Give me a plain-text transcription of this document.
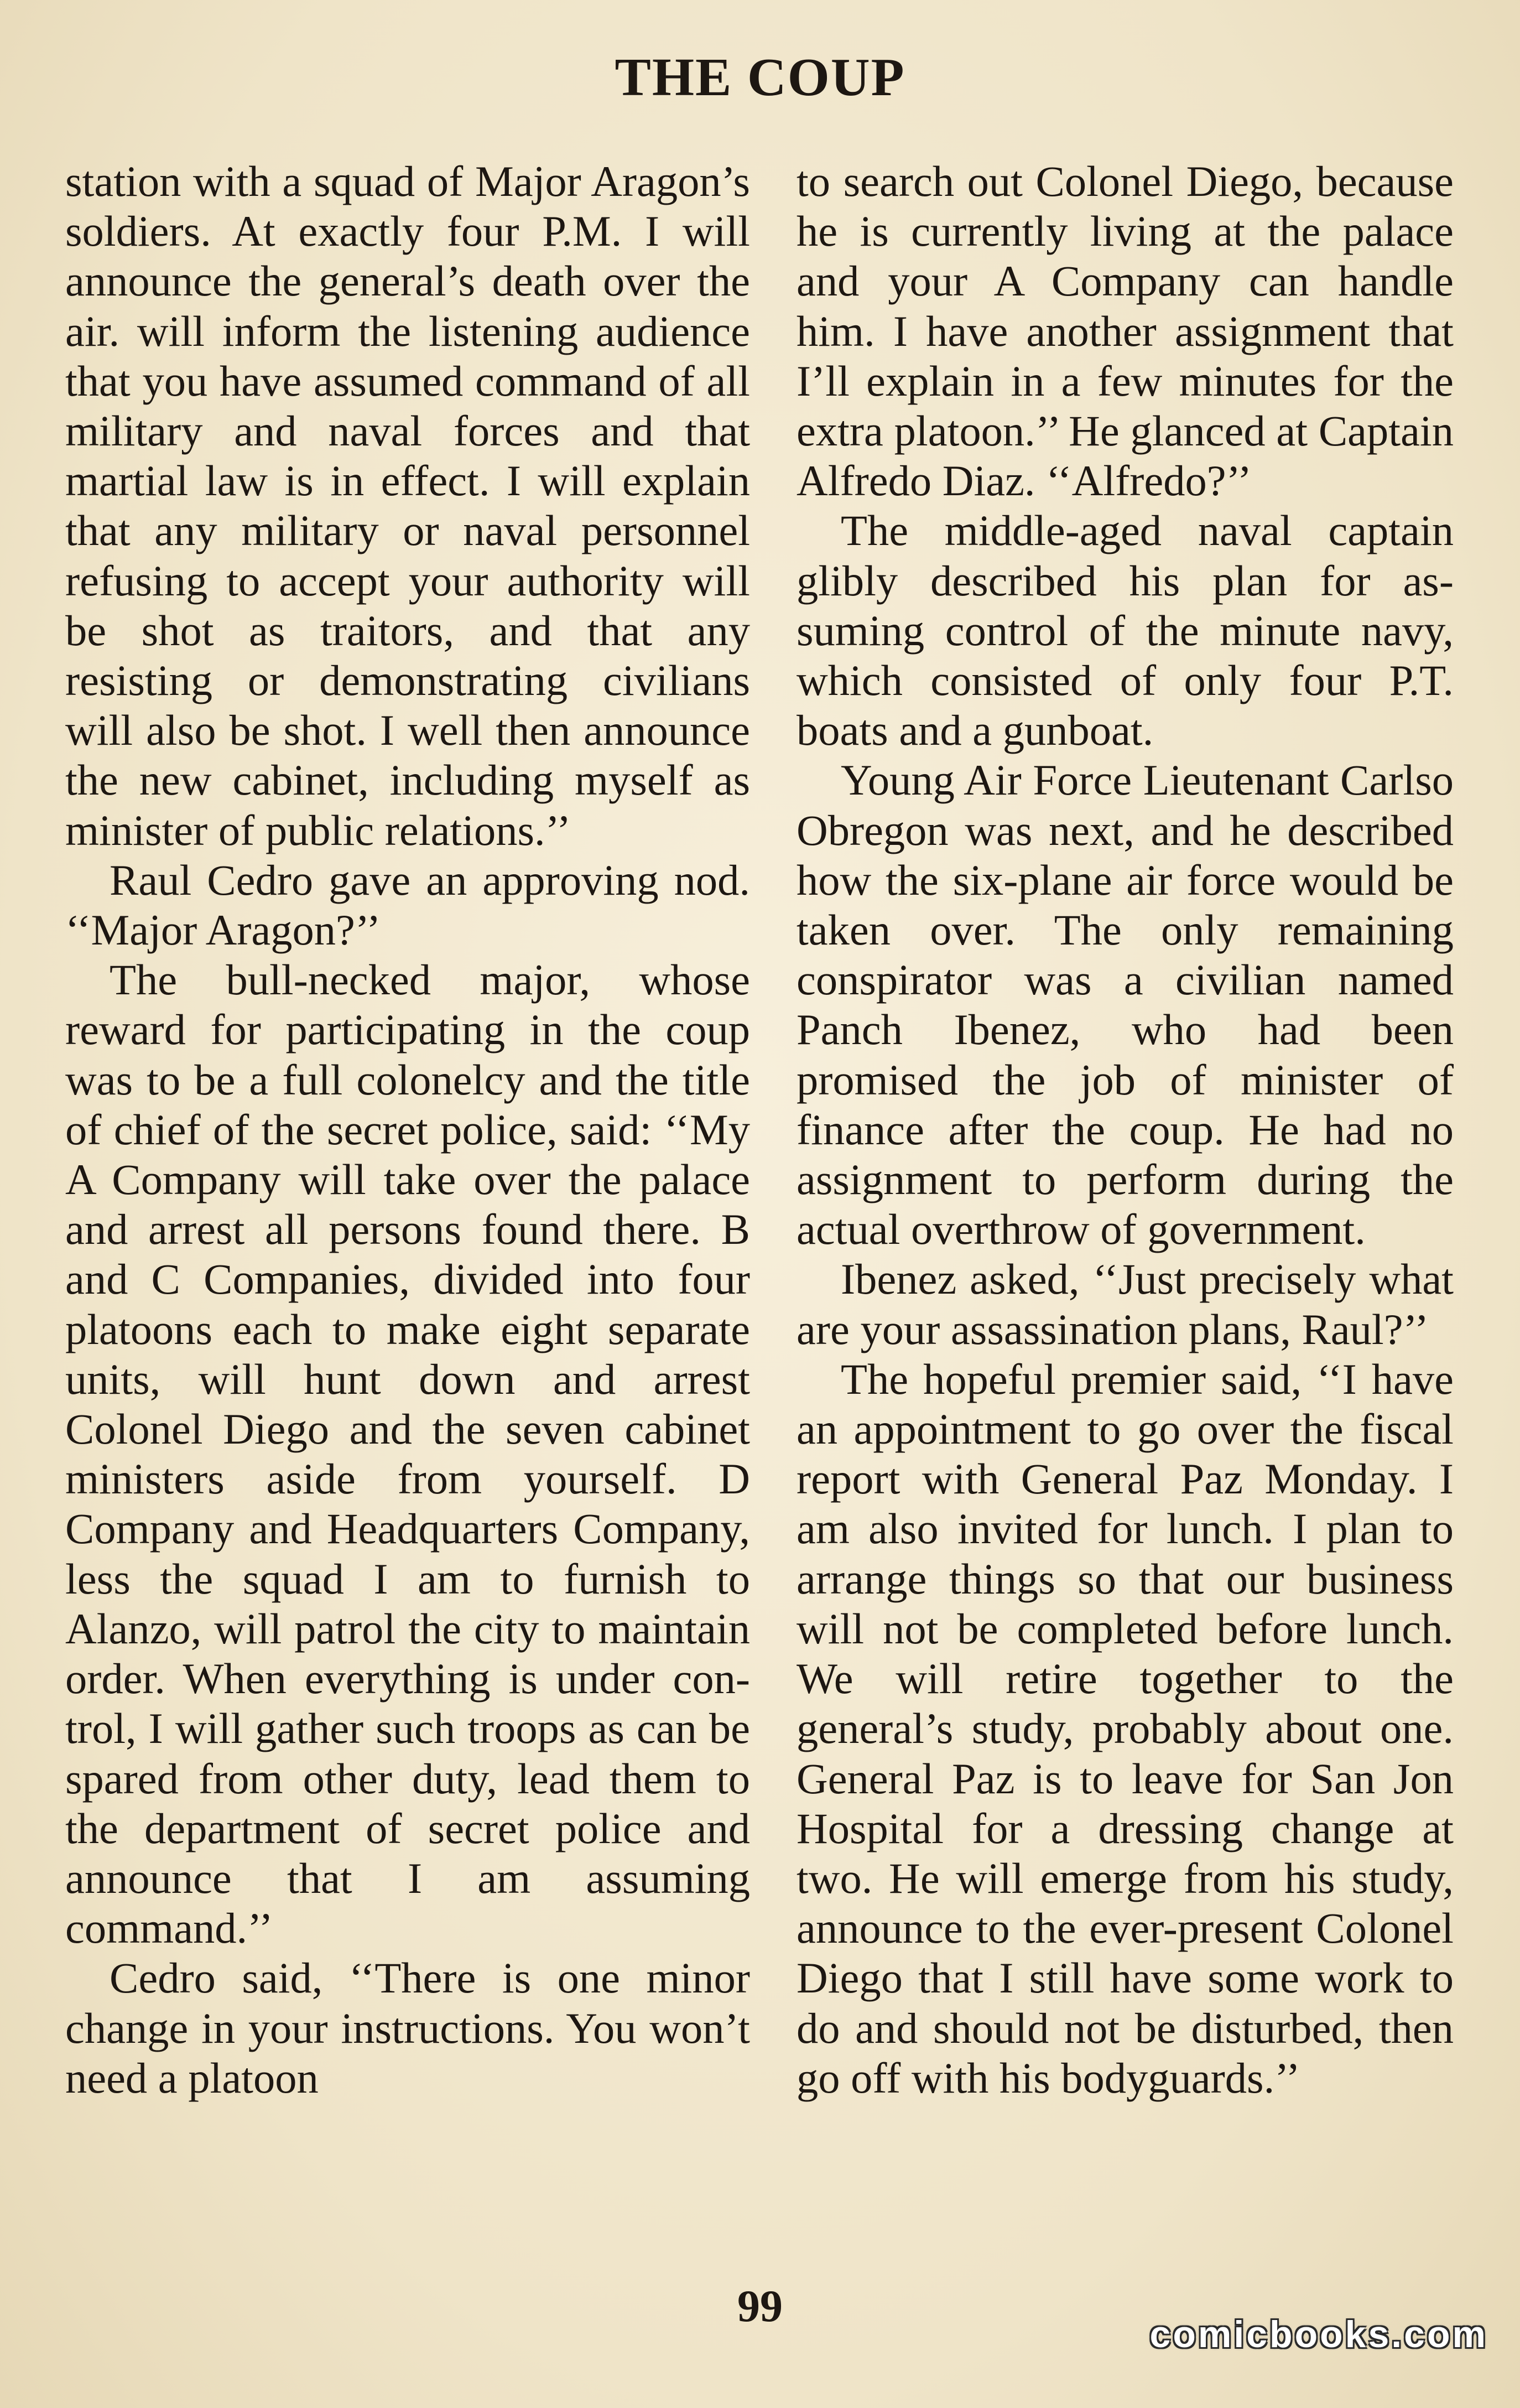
THE COUP

station with a squad of Major Aragon’s soldiers. At exactly four P.M. I will announce the general’s death over the air. will inform the listening audience that you have assumed command of all military and naval forces and that martial law is in effect. I will explain that any military or naval personnel refusing to accept your authority will be shot as traitors, and that any resisting or demonstrating civilians will also be shot. I well then announce the new cabinet, including myself as minister of public relations.’’

Raul Cedro gave an approving nod. ‘‘Major Aragon?’’

The bull-necked major, whose reward for participating in the coup was to be a full colonelcy and the title of chief of the secret police, said: ‘‘My A Company will take over the palace and arrest all persons found there. B and C Companies, divided into four platoons each to make eight separate units, will hunt down and arrest Colonel Diego and the seven cabinet ministers aside from yourself. D Company and Headquarters Company, less the squad I am to furnish to Alanzo, will patrol the city to maintain order. When everything is under control, I will gather such troops as can be spared from other duty, lead them to the department of secret police and announce that I am assuming command.’’

Cedro said, ‘‘There is one minor change in your instructions. You won’t need a platoon

to search out Colonel Diego, because he is currently living at the palace and your A Company can handle him. I have another assignment that I’ll explain in a few minutes for the extra platoon.’’ He glanced at Captain Alfredo Diaz. ‘‘Alfredo?’’

The middle-aged naval captain glibly described his plan for assuming control of the minute navy, which consisted of only four P.T. boats and a gunboat.

Young Air Force Lieutenant Carlso Obregon was next, and he described how the six-plane air force would be taken over. The only remaining conspirator was a civilian named Panch Ibenez, who had been promised the job of minister of finance after the coup. He had no assignment to perform during the actual overthrow of government.

Ibenez asked, ‘‘Just precisely what are your assassination plans, Raul?’’

The hopeful premier said, ‘‘I have an appointment to go over the fiscal report with General Paz Monday. I am also invited for lunch. I plan to arrange things so that our business will not be completed before lunch. We will retire together to the general’s study, probably about one. General Paz is to leave for San Jon Hospital for a dressing change at two. He will emerge from his study, announce to the ever-present Colonel Diego that I still have some work to do and should not be disturbed, then go off with his bodyguards.’’

99
comicbooks.com
